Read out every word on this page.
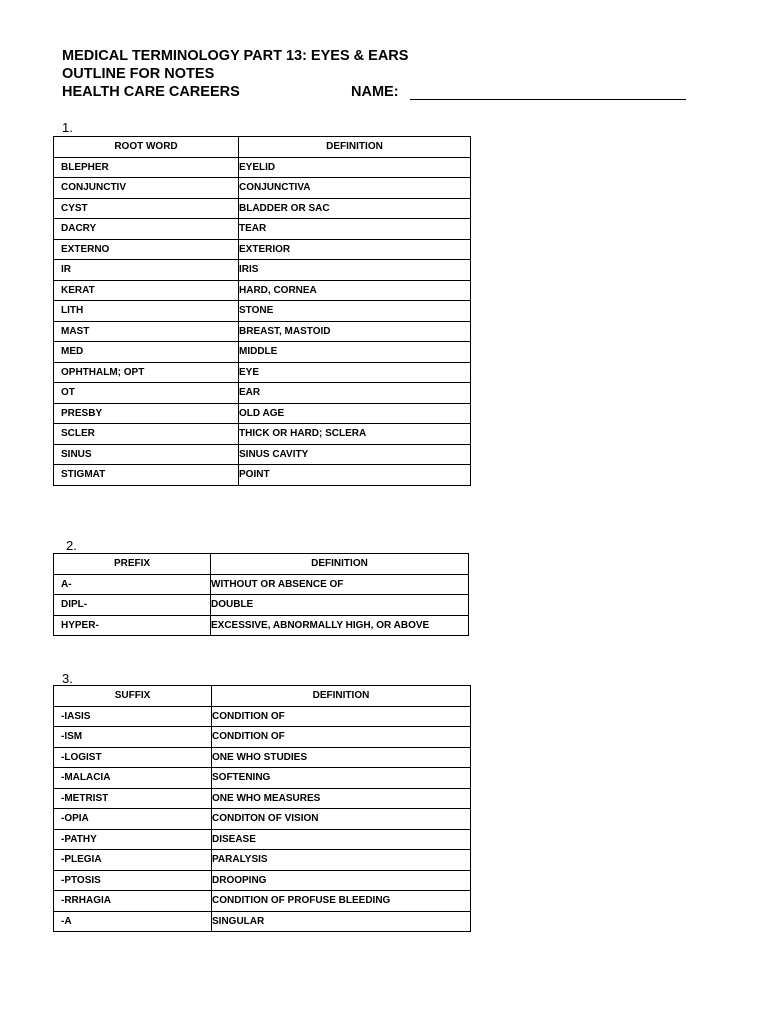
MEDICAL TERMINOLOGY PART 13: EYES & EARS
OUTLINE FOR NOTES
HEALTH CARE CAREERS	NAME:
1.
ROOT WORD	DEFINITION
BLEPHER	EYELID
CONJUNCTIV	CONJUNCTIVA
CYST	BLADDER OR SAC
DACRY	TEAR
EXTERNO	EXTERIOR
IR	IRIS
KERAT	HARD, CORNEA
LITH	STONE
MAST	BREAST, MASTOID
MED	MIDDLE
OPHTHALM; OPT	EYE
OT	EAR
PRESBY	OLD AGE
SCLER	THICK OR HARD; SCLERA
SINUS	SINUS CAVITY
STIGMAT	POINT
2.
PREFIX	DEFINITION
A-	WITHOUT OR ABSENCE OF
DIPL-	DOUBLE
HYPER-	EXCESSIVE, ABNORMALLY HIGH, OR ABOVE
3.
SUFFIX	DEFINITION
-IASIS	CONDITION OF
-ISM	CONDITION OF
-LOGIST	ONE WHO STUDIES
-MALACIA	SOFTENING
-METRIST	ONE WHO MEASURES
-OPIA	CONDITON OF VISION
-PATHY	DISEASE
-PLEGIA	PARALYSIS
-PTOSIS	DROOPING
-RRHAGIA	CONDITION OF PROFUSE BLEEDING
-A	SINGULAR
